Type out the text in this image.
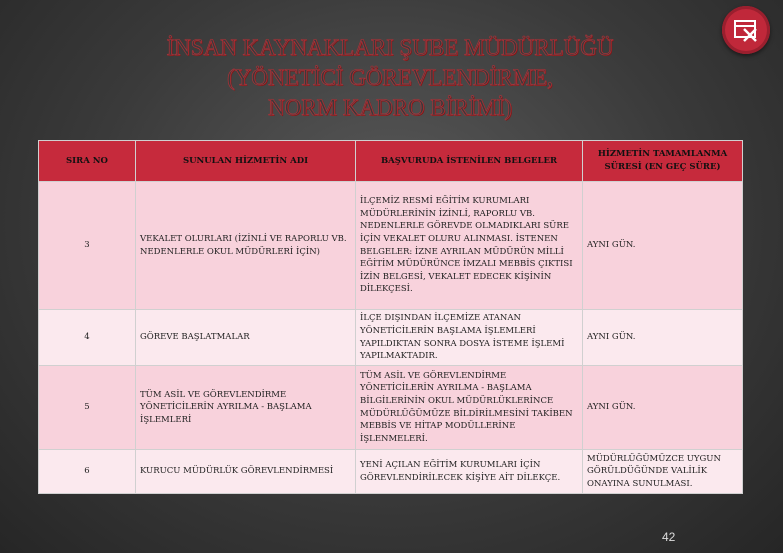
İNSAN KAYNAKLARI ŞUBE MÜDÜRLÜĞÜ
(YÖNETİCİ GÖREVLENDİRME,
NORM KADRO BİRİMİ)
SIRA NO	SUNULAN HİZMETİN ADI	BAŞVURUDA İSTENİLEN BELGELER	HİZMETİN TAMAMLANMA SÜRESİ (EN GEÇ SÜRE)
3	VEKALET OLURLARI (İZİNLİ VE RAPORLU VB. NEDENLERLE OKUL MÜDÜRLERİ İÇİN)	İLÇEMİZ RESMİ EĞİTİM KURUMLARI MÜDÜRLERİNİN İZİNLİ, RAPORLU VB. NEDENLERLE GÖREVDE OLMADIKLARI SÜRE İÇİN VEKALET OLURU ALINMASI. İSTENEN BELGELER: İZNE AYRILAN MÜDÜRÜN MİLLİ EĞİTİM MÜDÜRÜNCE İMZALI MEBBİS ÇIKTISI İZİN BELGESİ, VEKALET EDECEK KİŞİNİN DİLEKÇESİ.	AYNI GÜN.
4	GÖREVE BAŞLATMALAR	İLÇE DIŞINDAN İLÇEMİZE ATANAN YÖNETİCİLERİN BAŞLAMA İŞLEMLERİ YAPILDIKTAN SONRA DOSYA İSTEME İŞLEMİ YAPILMAKTADIR.	AYNI GÜN.
5	TÜM ASİL VE GÖREVLENDİRME YÖNETİCİLERİN AYRILMA - BAŞLAMA İŞLEMLERİ	TÜM ASİL VE GÖREVLENDİRME YÖNETİCİLERİN AYRILMA - BAŞLAMA BİLGİLERİNİN OKUL MÜDÜRLÜKLERİNCE MÜDÜRLÜĞÜMÜZE BİLDİRİLMESİNİ TAKİBEN MEBBİS VE HİTAP MODÜLLERİNE İŞLENMELERİ.	AYNI GÜN.
6	KURUCU MÜDÜRLÜK GÖREVLENDİRMESİ	YENİ AÇILAN EĞİTİM KURUMLARI İÇİN GÖREVLENDİRİLECEK KİŞİYE AİT DİLEKÇE.	MÜDÜRLÜĞÜMÜZCE UYGUN GÖRÜLDÜĞÜNDE VALİLİK ONAYINA SUNULMASI.
42
